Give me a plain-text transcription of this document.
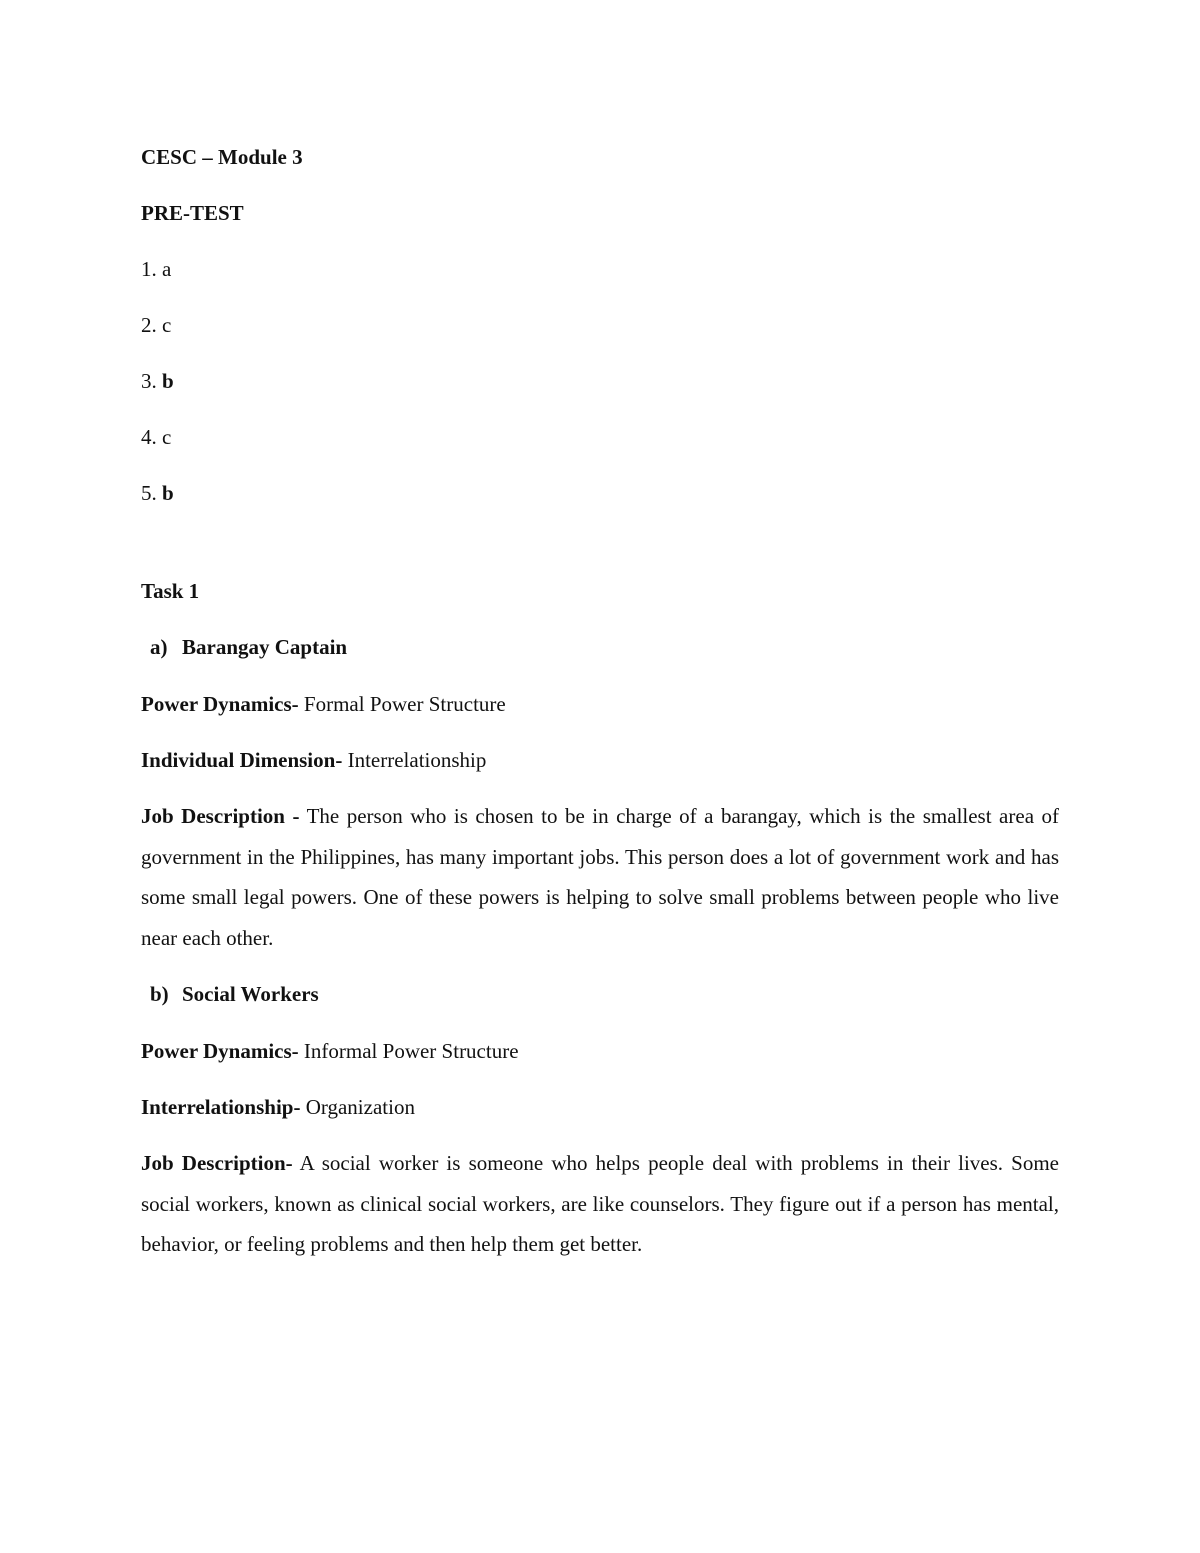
CESC – Module 3
PRE-TEST
1. a
2. c
3. b
4. c
5. b
Task 1
a) Barangay Captain
Power Dynamics- Formal Power Structure
Individual Dimension- Interrelationship
Job Description - The person who is chosen to be in charge of a barangay, which is the smallest area of government in the Philippines, has many important jobs. This person does a lot of government work and has some small legal powers. One of these powers is helping to solve small problems between people who live near each other.
b) Social Workers
Power Dynamics- Informal Power Structure
Interrelationship- Organization
Job Description- A social worker is someone who helps people deal with problems in their lives. Some social workers, known as clinical social workers, are like counselors. They figure out if a person has mental, behavior, or feeling problems and then help them get better.
